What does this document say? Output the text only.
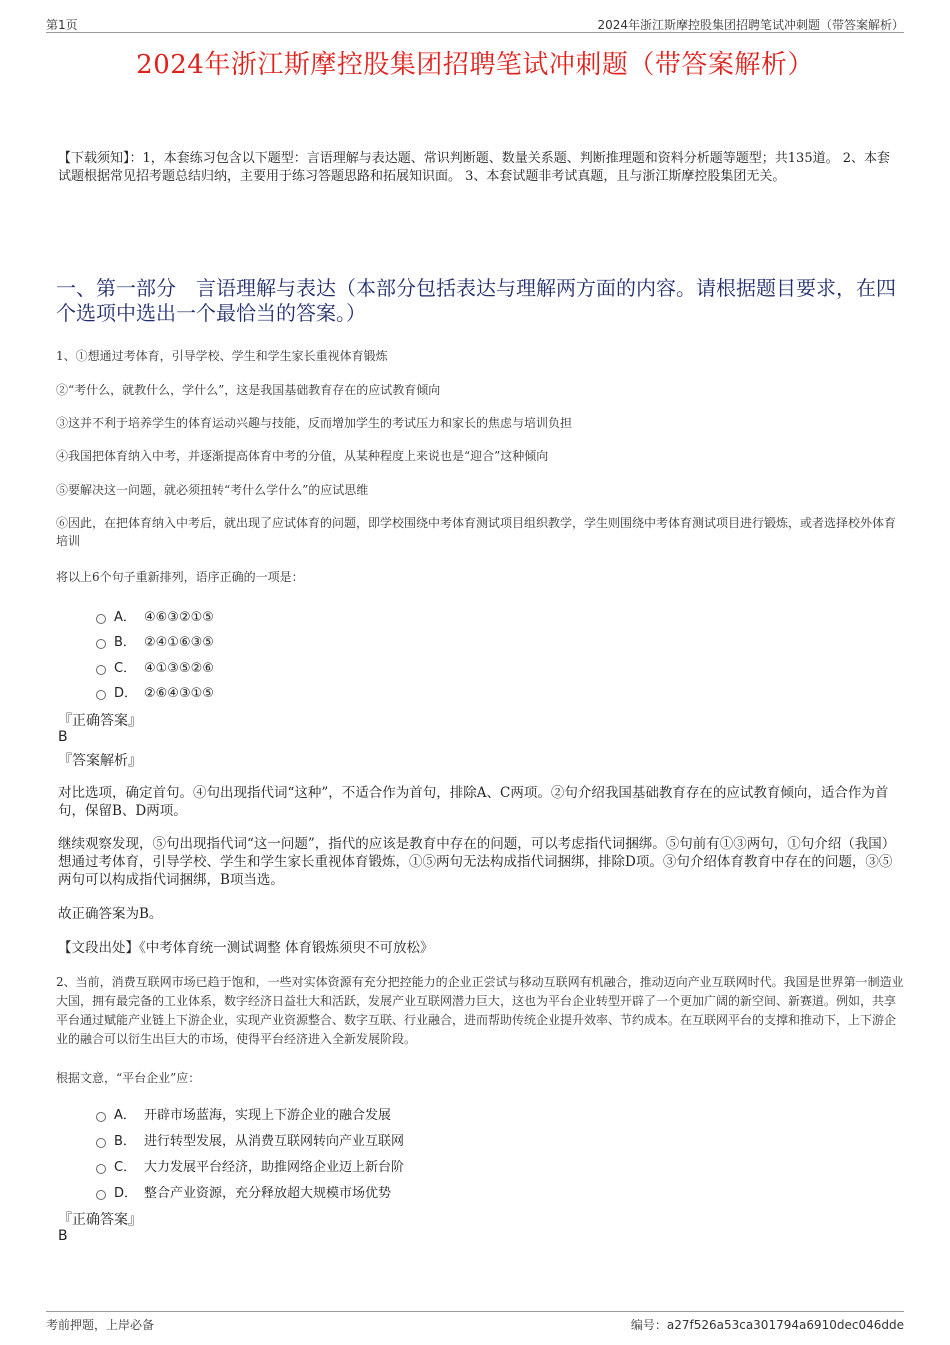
第1页	2024年浙江斯摩控股集团招聘笔试冲刺题（带答案解析）
2024年浙江斯摩控股集团招聘笔试冲刺题（带答案解析）
【下载须知】：1，本套练习包含以下题型：言语理解与表达题、常识判断题、数量关系题、判断推理题和资料分析题等题型；共135道。 2、本套试题根据常见招考题总结归纳，主要用于练习答题思路和拓展知识面。 3、本套试题非考试真题，且与浙江斯摩控股集团无关。
一、第一部分　言语理解与表达（本部分包括表达与理解两方面的内容。请根据题目要求，在四个选项中选出一个最恰当的答案。）
1、①想通过考体育，引导学校、学生和学生家长重视体育锻炼
②“考什么，就教什么，学什么”，这是我国基础教育存在的应试教育倾向
③这并不利于培养学生的体育运动兴趣与技能，反而增加学生的考试压力和家长的焦虑与培训负担
④我国把体育纳入中考，并逐渐提高体育中考的分值，从某种程度上来说也是“迎合”这种倾向
⑤要解决这一问题，就必须扭转“考什么学什么”的应试思维
⑥因此，在把体育纳入中考后，就出现了应试体育的问题，即学校围绕中考体育测试项目组织教学，学生则围绕中考体育测试项目进行锻炼，或者选择校外体育培训
将以上6个句子重新排列，语序正确的一项是：
A． ④⑥③②①⑤
B． ②④①⑥③⑤
C． ④①③⑤②⑥
D． ②⑥④③①⑤
『正确答案』
B
『答案解析』
对比选项，确定首句。④句出现指代词“这种”，不适合作为首句，排除A、C两项。②句介绍我国基础教育存在的应试教育倾向，适合作为首句，保留B、D两项。
继续观察发现，⑤句出现指代词“这一问题”，指代的应该是教育中存在的问题，可以考虑指代词捆绑。⑤句前有①③两句，①句介绍（我国）想通过考体育，引导学校、学生和学生家长重视体育锻炼，①⑤两句无法构成指代词捆绑，排除D项。③句介绍体育教育中存在的问题，③⑤两句可以构成指代词捆绑，B项当选。
故正确答案为B。
【文段出处】《中考体育统一测试调整 体育锻炼须臾不可放松》
2、当前，消费互联网市场已趋于饱和，一些对实体资源有充分把控能力的企业正尝试与移动互联网有机融合，推动迈向产业互联网时代。我国是世界第一制造业大国，拥有最完备的工业体系，数字经济日益壮大和活跃，发展产业互联网潜力巨大，这也为平台企业转型开辟了一个更加广阔的新空间、新赛道。例如，共享平台通过赋能产业链上下游企业，实现产业资源整合、数字互联、行业融合，进而帮助传统企业提升效率、节约成本。在互联网平台的支撑和推动下，上下游企业的融合可以衍生出巨大的市场，使得平台经济进入全新发展阶段。
根据文意，“平台企业”应：
A． 开辟市场蓝海，实现上下游企业的融合发展
B． 进行转型发展，从消费互联网转向产业互联网
C． 大力发展平台经济，助推网络企业迈上新台阶
D． 整合产业资源，充分释放超大规模市场优势
『正确答案』
B
考前押题，上岸必备	编号：a27f526a53ca301794a6910dec046dde
